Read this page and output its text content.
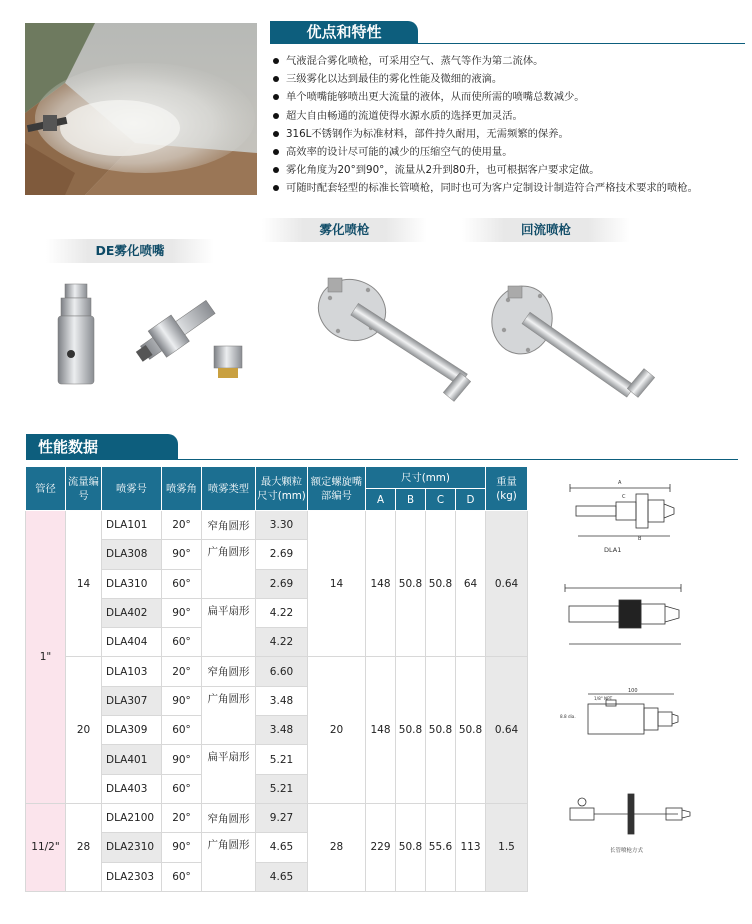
优点和特性
气液混合雾化喷枪，可采用空气、蒸气等作为第二流体。
三级雾化以达到最佳的雾化性能及微细的液滴。
单个喷嘴能够喷出更大流量的液体，从而使所需的喷嘴总数减少。
超大自由畅通的流道使得水源水质的选择更加灵活。
316L不锈钢作为标准材料，部件持久耐用，无需频繁的保养。
高效率的设计尽可能的减少的压缩空气的使用量。
雾化角度为20°到90°，流量从2升到80升，也可根据客户要求定做。
可随时配套轻型的标准长管喷枪，同时也可为客户定制设计制造符合严格技术要求的喷枪。
DE雾化喷嘴
雾化喷枪	回流喷枪
性能数据
管径	流量编号	喷雾号	喷雾角	喷雾类型	最大颗粒尺寸(mm)	额定螺旋嘴部编号	尺寸(mm)				重量(kg)
							A	B	C	D	
1"	14	DLA101	20°	窄角圆形	3.30	14	148	50.8	50.8	64	0.64
		DLA308	90°	广角圆形	2.69						
		DLA310	60°		2.69						
		DLA402	90°	扁平扇形	4.22						
		DLA404	60°		4.22						
	20	DLA103	20°	窄角圆形	6.60	20	148	50.8	50.8	50.8	0.64
		DLA307	90°	广角圆形	3.48						
		DLA309	60°		3.48						
		DLA401	90°	扁平扇形	5.21						
		DLA403	60°		5.21						
11/2"	28	DLA2100	20°	窄角圆形	9.27	28	229	50.8	55.6	113	1.5
		DLA2310	90°	广角圆形	4.65						
		DLA2303	60°		4.65						
A
B
C
DLA1
100
1/8" NPT
8.8 dia.
长管喷枪方式
